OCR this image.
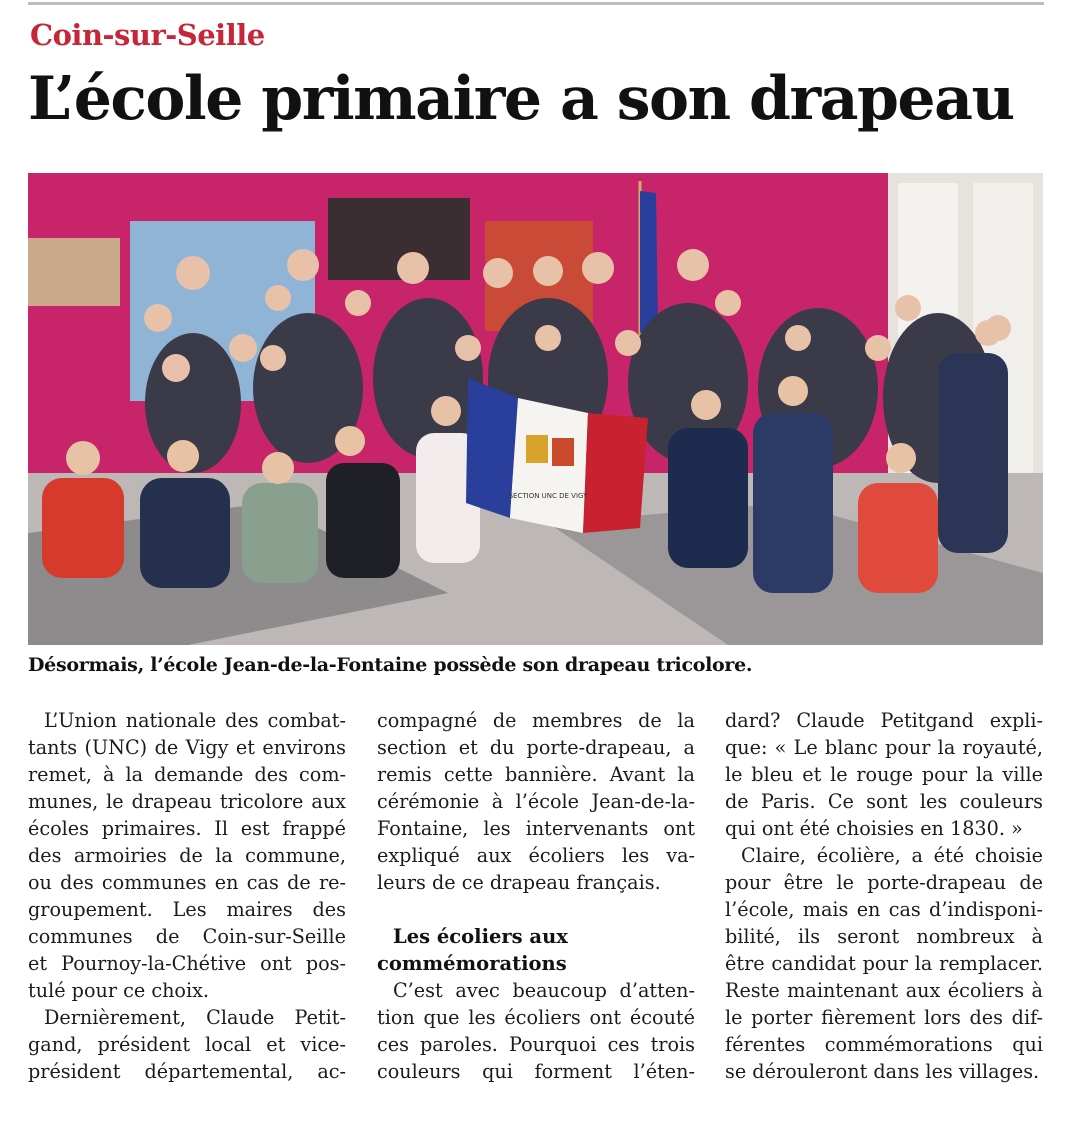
Coin-sur-Seille
L’école primaire a son drapeau
SECTION UNC DE VIGY
Désormais, l’école Jean-de-la-Fontaine possède son drapeau tricolore.
L’Union nationale des combat-
tants (UNC) de Vigy et environs
remet, à la demande des com-
munes, le drapeau tricolore aux
écoles primaires. Il est frappé
des armoiries de la commune,
ou des communes en cas de re-
groupement. Les maires des
communes de Coin-sur-Seille
et Pournoy-la-Chétive ont pos-
tulé pour ce choix.
Dernièrement, Claude Petit-
gand, président local et vice-
président départemental, ac-
compagné de membres de la
section et du porte-drapeau, a
remis cette bannière. Avant la
cérémonie à l’école Jean-de-la-
Fontaine, les intervenants ont
expliqué aux écoliers les va-
leurs de ce drapeau français.
Les écoliers aux
commémorations
C’est avec beaucoup d’atten-
tion que les écoliers ont écouté
ces paroles. Pourquoi ces trois
couleurs qui forment l’éten-
dard? Claude Petitgand expli-
que: « Le blanc pour la royauté,
le bleu et le rouge pour la ville
de Paris. Ce sont les couleurs
qui ont été choisies en 1830. »
Claire, écolière, a été choisie
pour être le porte-drapeau de
l’école, mais en cas d’indisponi-
bilité, ils seront nombreux à
être candidat pour la remplacer.
Reste maintenant aux écoliers à
le porter fièrement lors des dif-
férentes commémorations qui
se dérouleront dans les villages.
